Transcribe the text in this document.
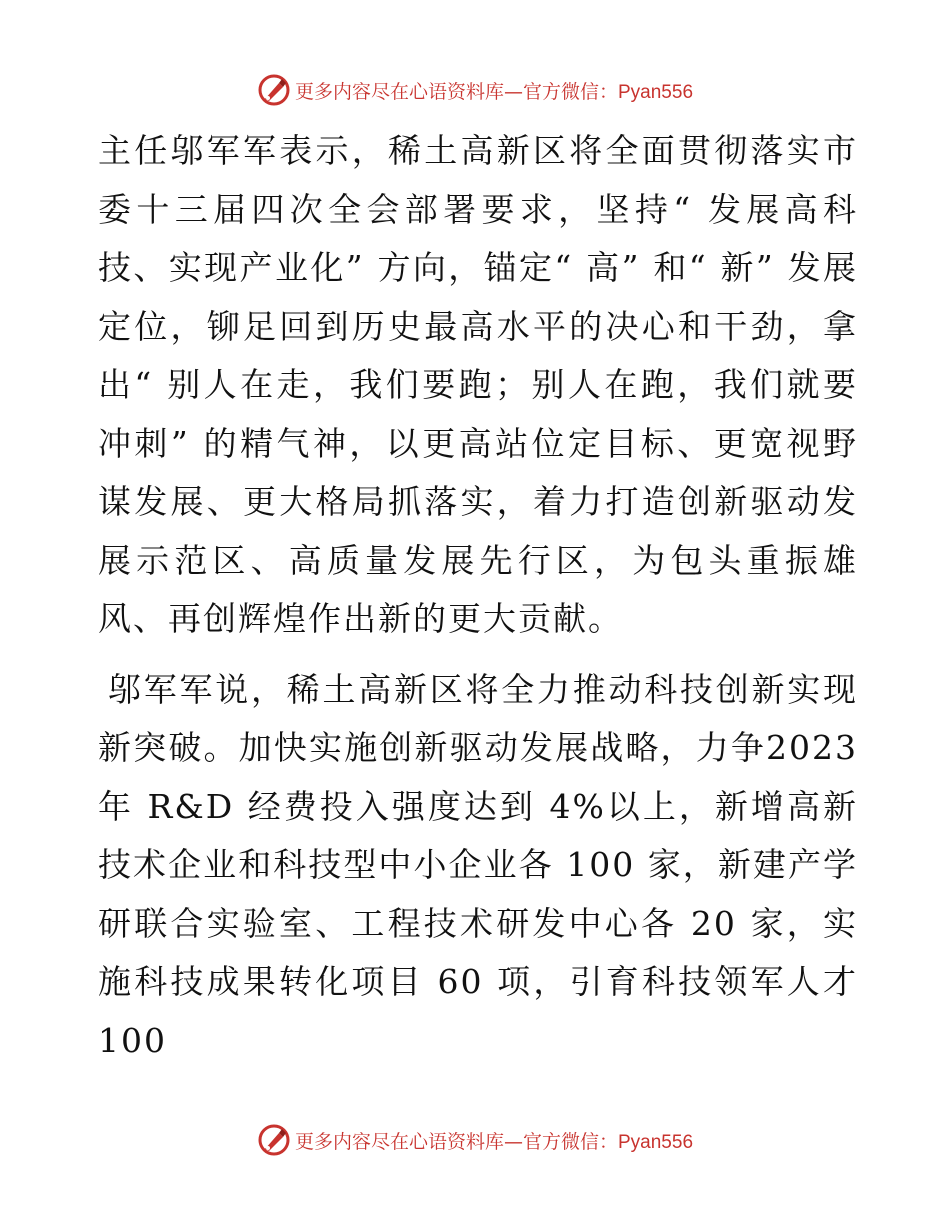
更多内容尽在心语资料库—官方微信：Pyan556

主任邬军军表示，稀土高新区将全面贯彻落实市委十三届四次全会部署要求，坚持“ 发展高科技、实现产业化” 方向，锚定“ 高” 和“ 新” 发展定位，铆足回到历史最高水平的决心和干劲，拿出“ 别人在走，我们要跑；别人在跑，我们就要冲刺” 的精气神，以更高站位定目标、更宽视野谋发展、更大格局抓落实，着力打造创新驱动发展示范区、高质量发展先行区，为包头重振雄风、再创辉煌作出新的更大贡献。

邬军军说，稀土高新区将全力推动科技创新实现新突破。加快实施创新驱动发展战略，力争2023年 R&D 经费投入强度达到 4%以上，新增高新技术企业和科技型中小企业各 100 家，新建产学研联合实验室、工程技术研发中心各 20 家，实施科技成果转化项目 60 项，引育科技领军人才 100

更多内容尽在心语资料库—官方微信：Pyan556
